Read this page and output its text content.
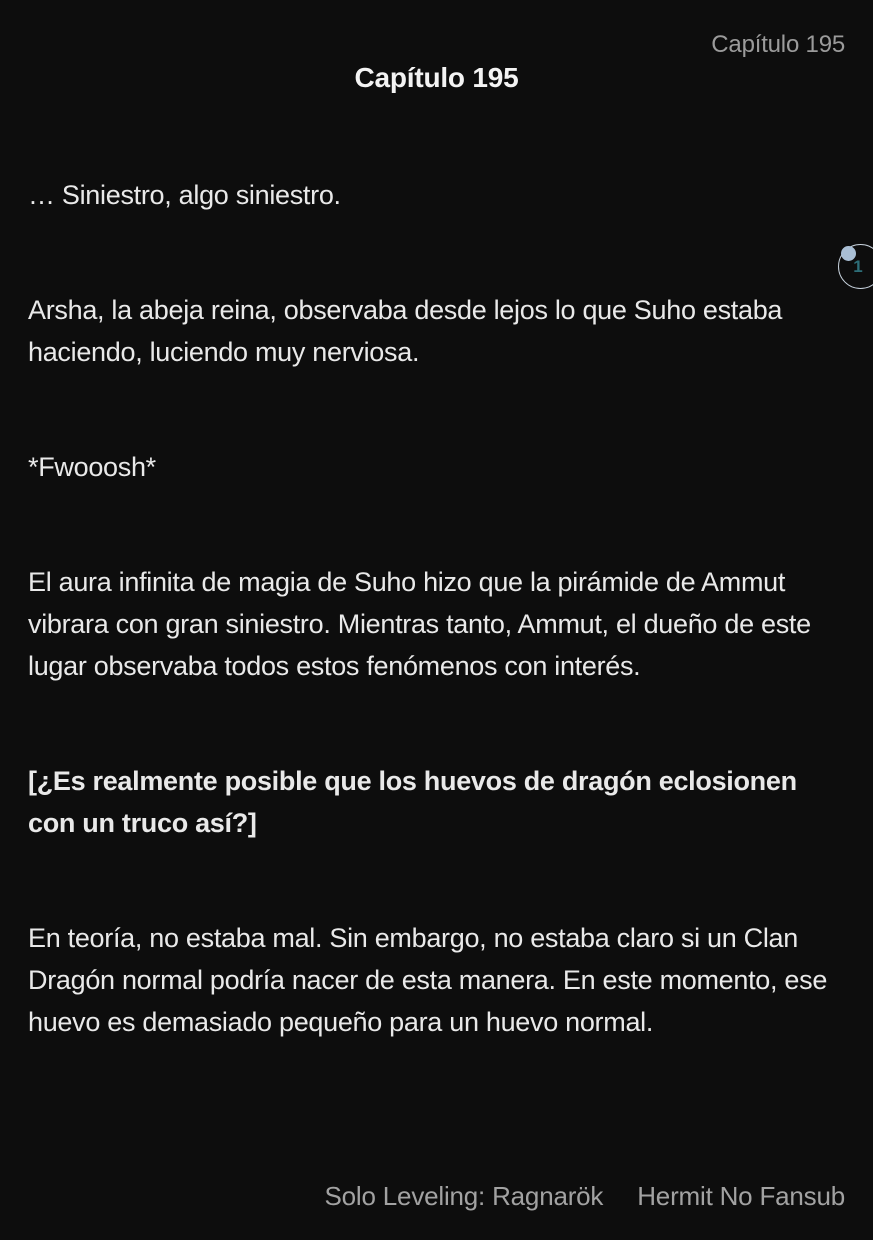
Capítulo 195
Capítulo 195

… Siniestro, algo siniestro.

Arsha, la abeja reina, observaba desde lejos lo que Suho estaba haciendo, luciendo muy nerviosa.

*Fwooosh*

El aura infinita de magia de Suho hizo que la pirámide de Ammut vibrara con gran siniestro. Mientras tanto, Ammut, el dueño de este lugar observaba todos estos fenómenos con interés.

[¿Es realmente posible que los huevos de dragón eclosionen con un truco así?]

En teoría, no estaba mal. Sin embargo, no estaba claro si un Clan Dragón normal podría nacer de esta manera. En este momento, ese huevo es demasiado pequeño para un huevo normal.

1
Solo Leveling: Ragnarök Hermit No Fansub
